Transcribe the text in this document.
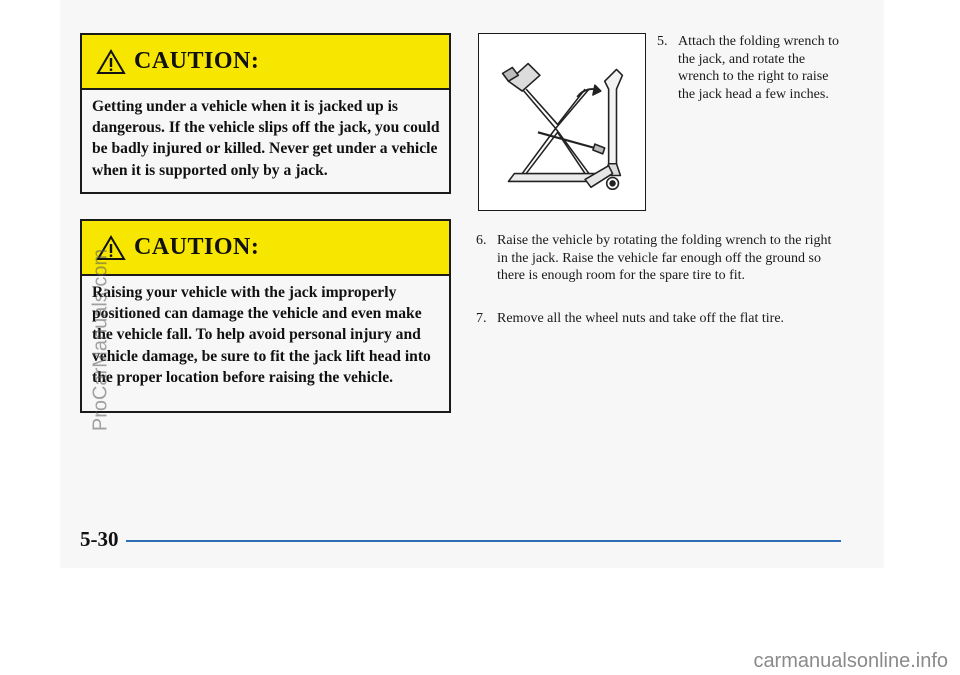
CAUTION:
Getting under a vehicle when it is jacked up is dangerous. If the vehicle slips off the jack, you could be badly injured or killed. Never get under a vehicle when it is supported only by a jack.
CAUTION:
Raising your vehicle with the jack improperly positioned can damage the vehicle and even make the vehicle fall. To help avoid personal injury and vehicle damage, be sure to fit the jack lift head into the proper location before raising the vehicle.
5. Attach the folding wrench to the jack, and rotate the wrench to the right to raise the jack head a few inches.
6. Raise the vehicle by rotating the folding wrench to the right in the jack. Raise the vehicle far enough off the ground so there is enough room for the spare tire to fit.
7. Remove all the wheel nuts and take off the flat tire.
5-30
ProCarManuals.com
carmanualsonline.info
